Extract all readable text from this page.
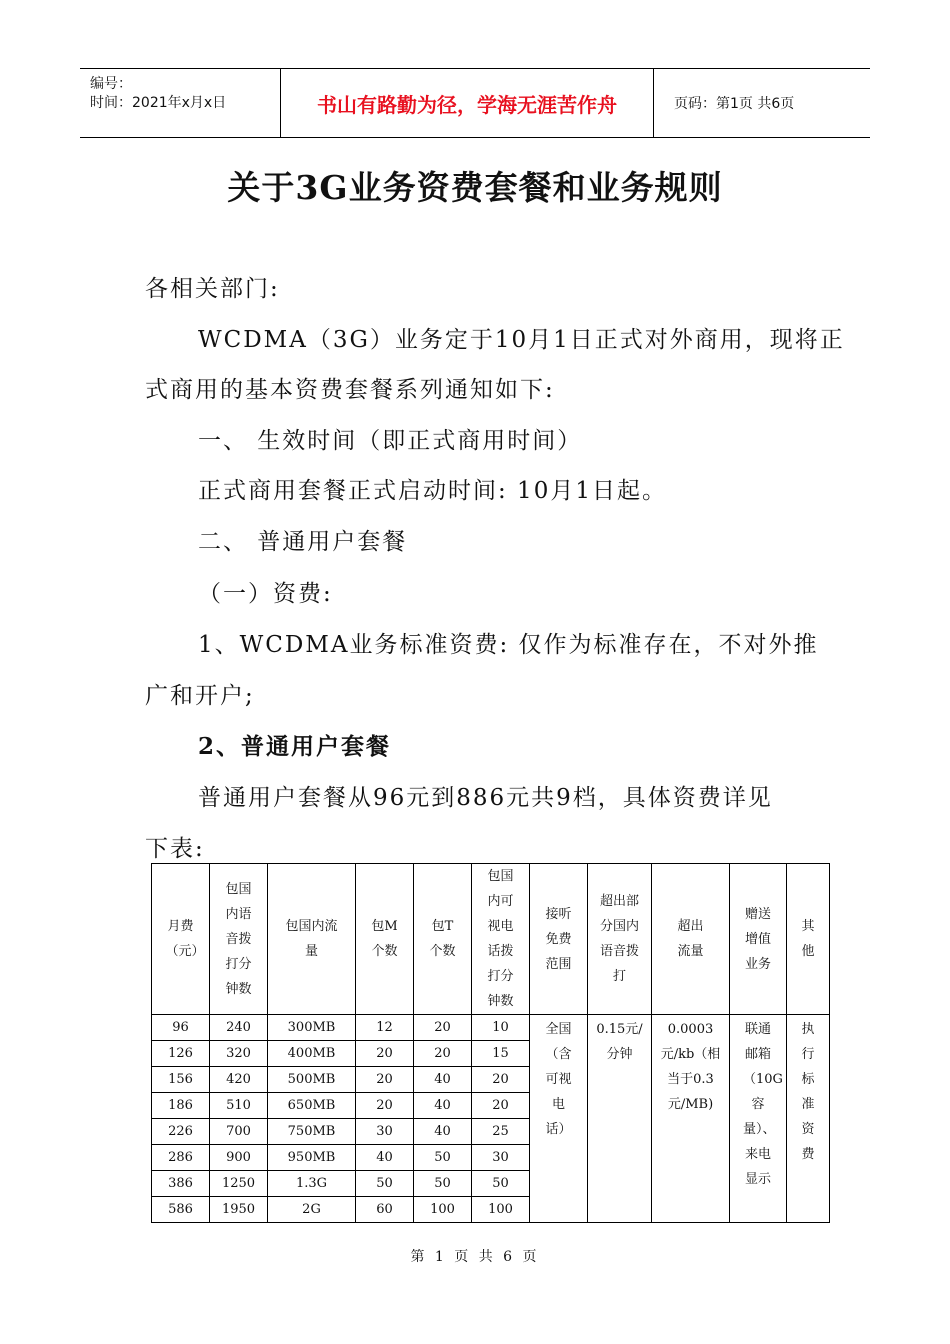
编号：
时间：2021年x月x日	书山有路勤为径，学海无涯苦作舟	页码：第1页 共6页
关于3G业务资费套餐和业务规则
各相关部门:
WCDMA（3G）业务定于10月1日正式对外商用，现将正
式商用的基本资费套餐系列通知如下:
一、 生效时间（即正式商用时间）
正式商用套餐正式启动时间: 10月1日起。
二、 普通用户套餐
（一）资费:
1、WCDMA业务标准资费: 仅作为标准存在，不对外推
广和开户;
2、普通用户套餐
普通用户套餐从96元到886元共9档，具体资费详见
下表:
月费（元）	包国内语音拨打分钟数	包国内流量	包M个数	包T个数	包国内可视电话拨打分钟数	接听免费范围	超出部分国内语音拨打	超出流量	赠送增值业务	其他

96	240	300MB	12	20	10	全国（含可视电话）	0.15元/分钟	0.0003元/kb（相当于0.3元/MB)	联通邮箱（10G容量）、来电显示	执行标准资费

126	320	400MB	20	20	15					
156	420	500MB	20	40	20					
186	510	650MB	20	40	20					
226	700	750MB	30	40	25					
286	900	950MB	40	50	30					
386	1250	1.3G	50	50	50					
586	1950	2G	60	100	100					
第 1 页 共 6 页
